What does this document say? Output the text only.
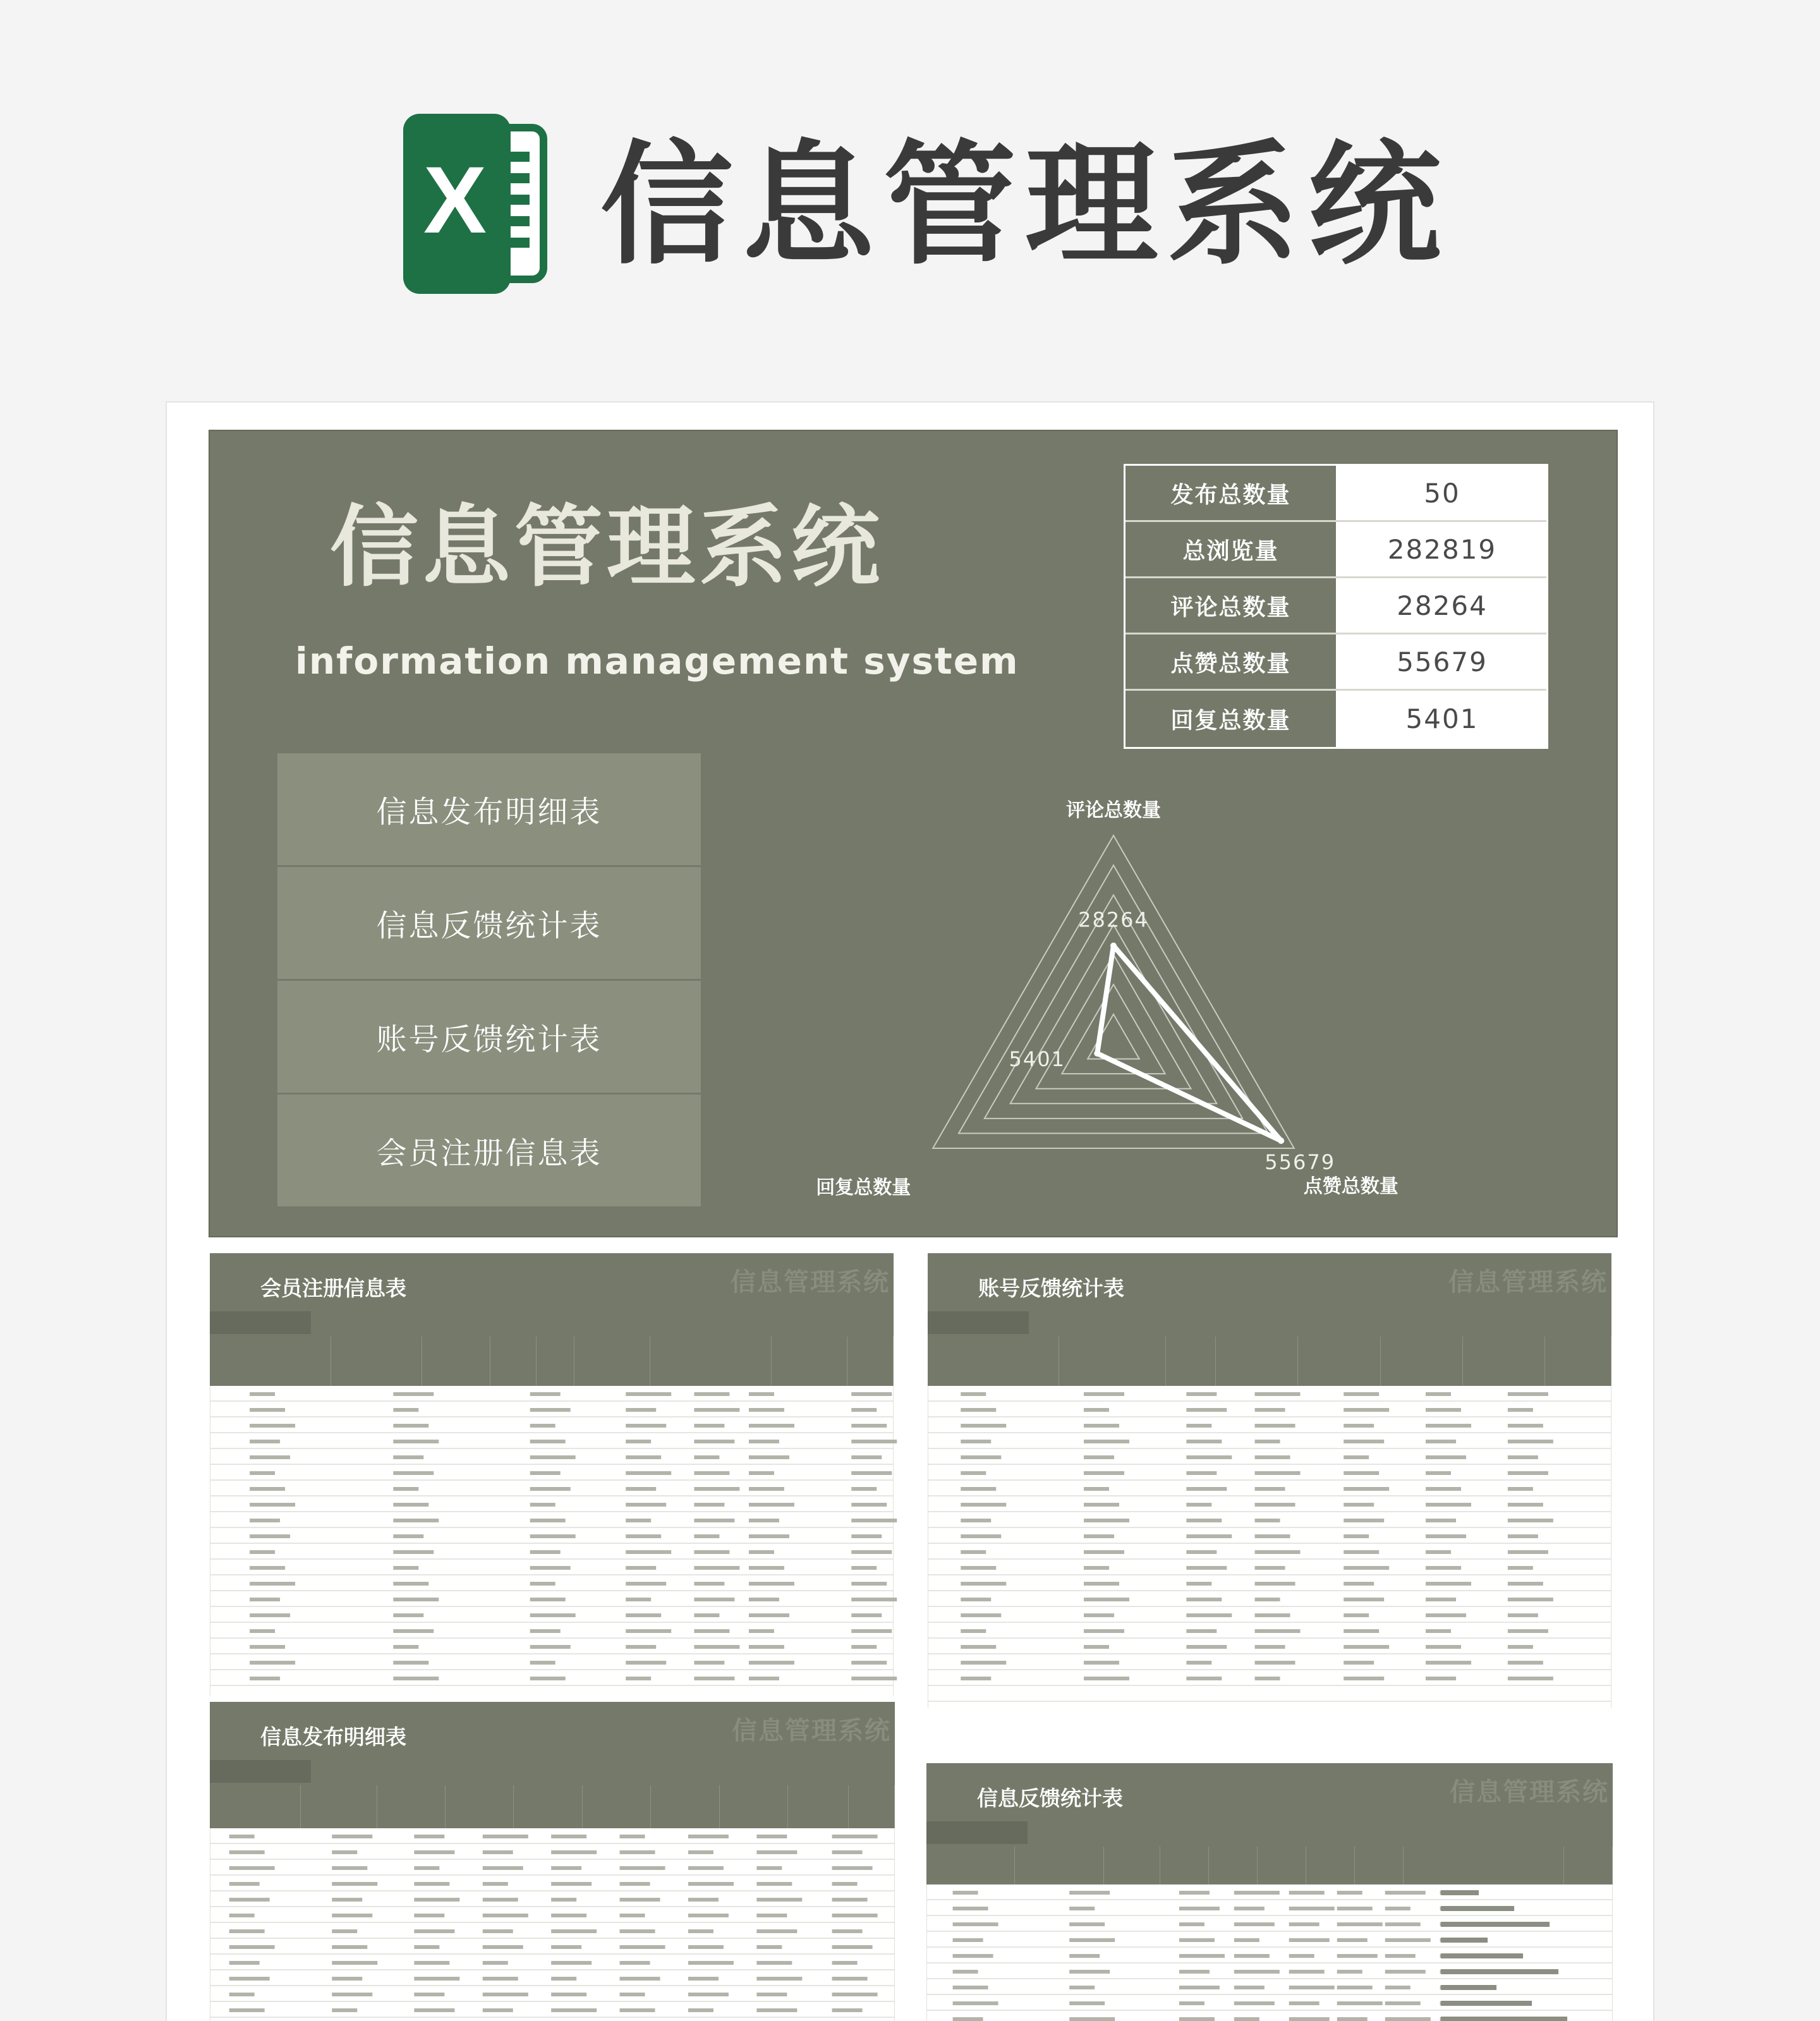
X 信息管理系统
信息管理系统
information management system
信息发布明细表
信息反馈统计表
账号反馈统计表
会员注册信息表
发布总数量	50
总浏览量	282819
评论总数量	28264
点赞总数量	55679
回复总数量	5401
28264
55679
5401
评论总数量
点赞总数量
回复总数量
会员注册信息表	信息管理系统	账号反馈统计表	信息管理系统
信息发布明细表	信息管理系统
信息反馈统计表	信息管理系统
